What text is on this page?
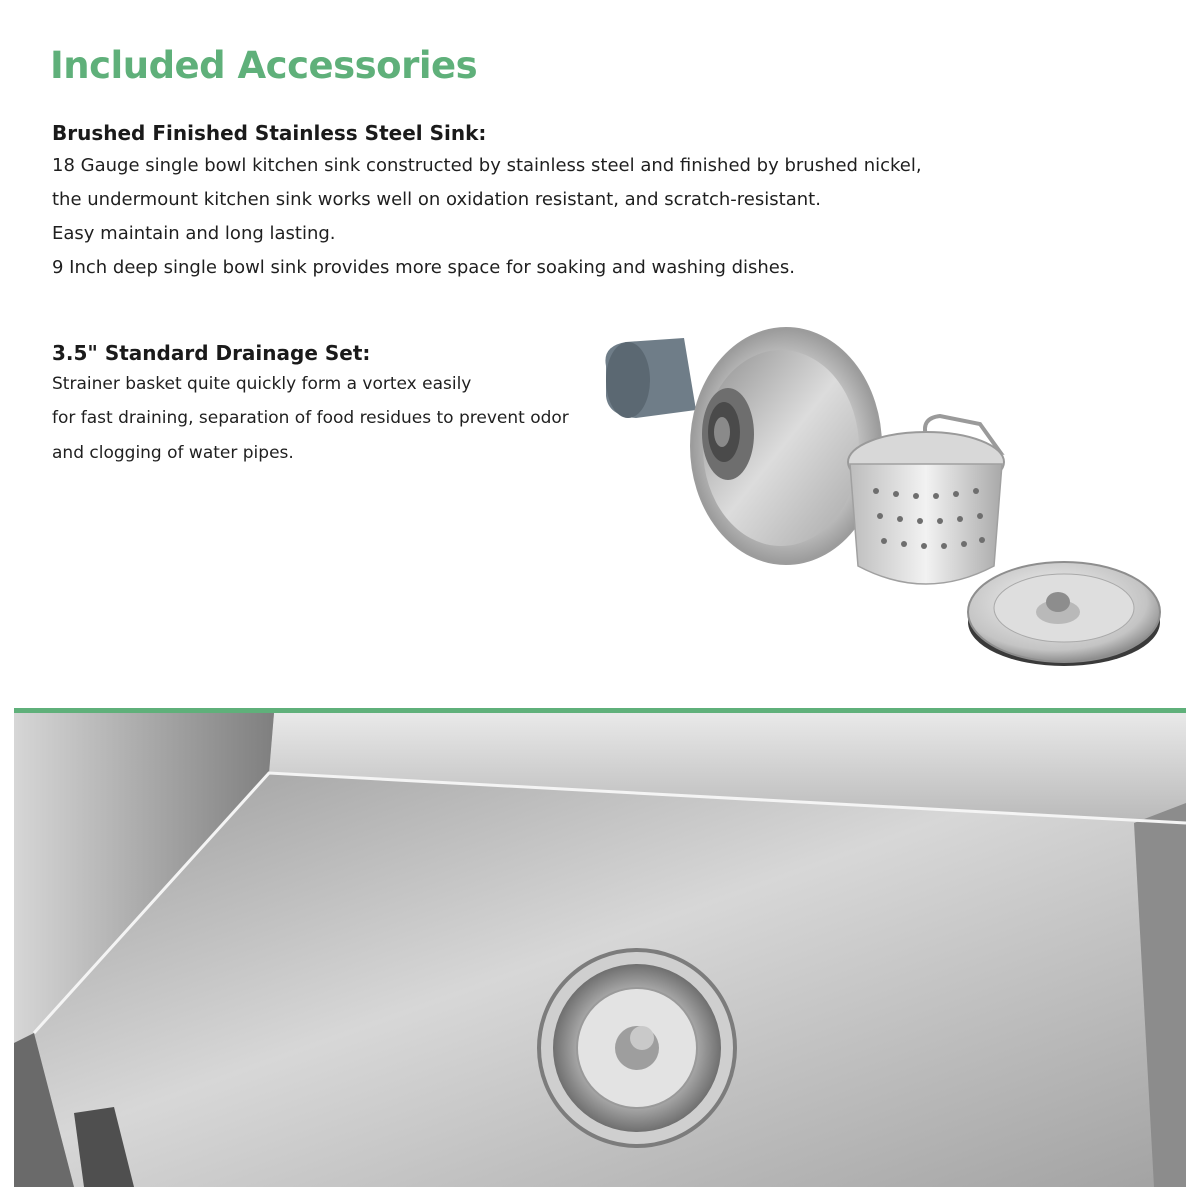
Included Accessories
Brushed Finished Stainless Steel Sink:

18 Gauge single bowl kitchen sink constructed by stainless steel and finished by brushed nickel,

the undermount kitchen sink works well on oxidation resistant, and scratch-resistant.

Easy maintain and long lasting.

9 Inch deep single bowl sink provides more space for soaking and washing dishes.

3.5" Standard Drainage Set:

Strainer basket quite quickly form a vortex easily

for fast draining, separation of food residues to prevent odor

and clogging of water pipes.
